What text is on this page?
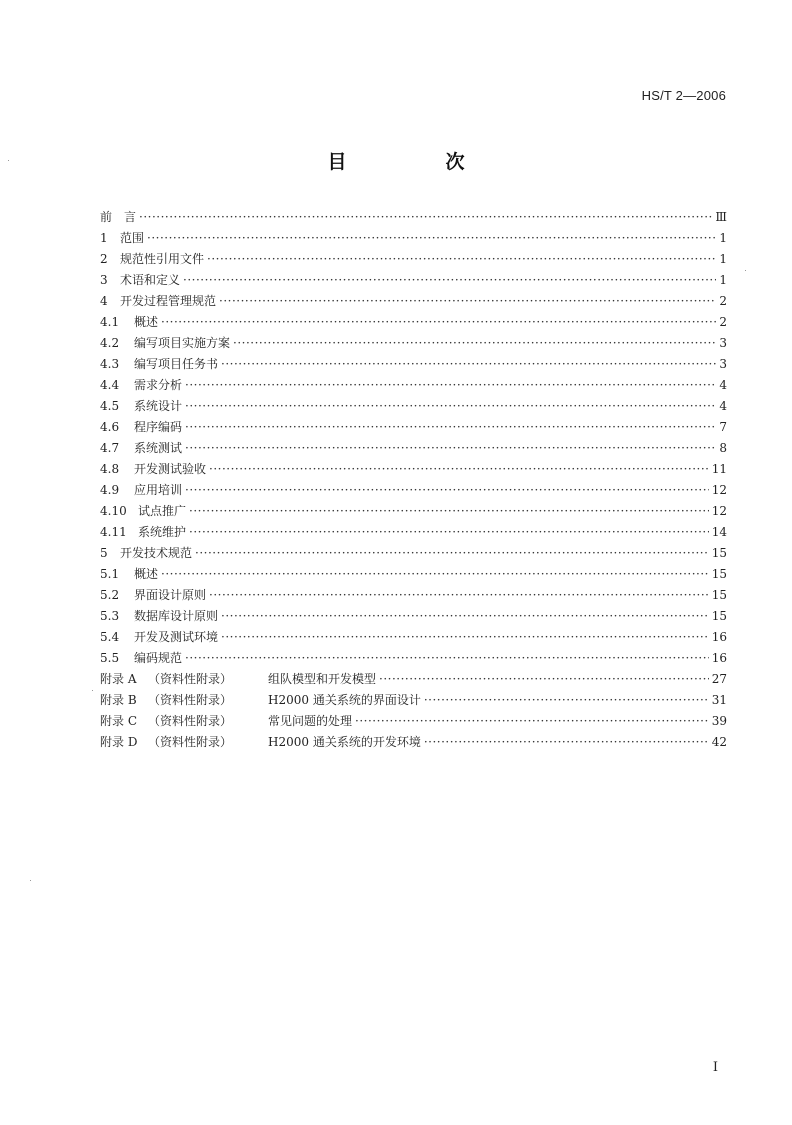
HS/T 2—2006
目　次
前　言 ·····	Ⅲ
1	范围 ·····	1
2	规范性引用文件 ·····	1
3	术语和定义 ·····	1
4	开发过程管理规范 ·····	2
4.1	概述 ·····	2
4.2	编写项目实施方案 ·····	3
4.3	编写项目任务书 ·····	3
4.4	需求分析 ·····	4
4.5	系统设计 ·····	4
4.6	程序编码 ·····	7
4.7	系统测试 ·····	8
4.8	开发测试验收 ·····	11
4.9	应用培训 ·····	12
4.10 试点推广 ·····	12
4.11 系统维护 ·····	14
5	开发技术规范 ·····	15
5.1	概述 ·····	15
5.2	界面设计原则 ·····	15
5.3	数据库设计原则 ·····	15
5.4	开发及测试环境 ·····	16
5.5	编码规范 ·····	16
附录 A （资料性附录）	组队模型和开发模型 ·····	27
附录 B （资料性附录）	H2000 通关系统的界面设计 ·····	31
附录 C （资料性附录）	常见问题的处理 ·····	39
附录 D （资料性附录）	H2000 通关系统的开发环境 ·····	42
Ⅰ
